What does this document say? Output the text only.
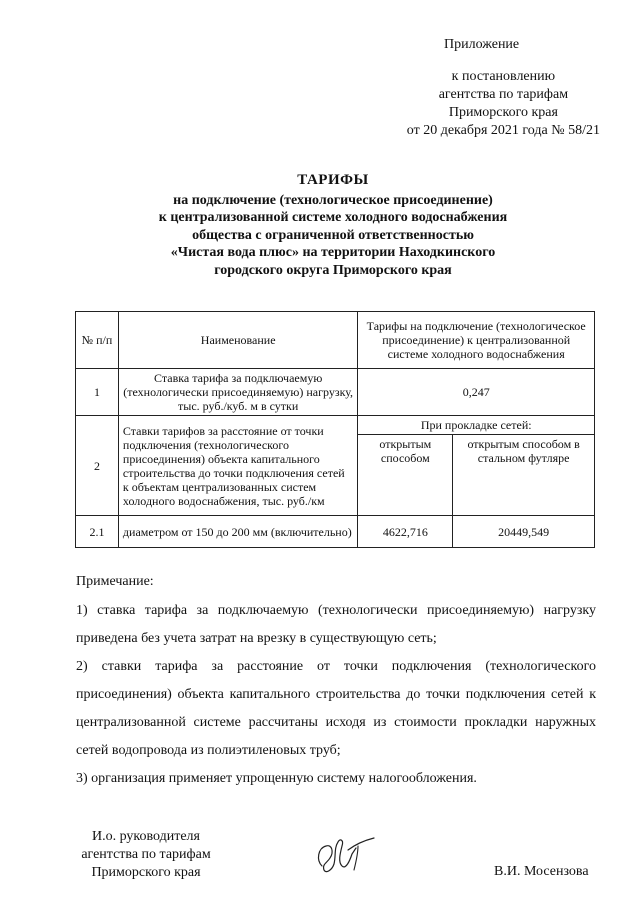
Приложение
к постановлению
агентства по тарифам
Приморского края
от 20 декабря 2021 года № 58/21
ТАРИФЫ
на подключение (технологическое присоединение)
к централизованной системе холодного водоснабжения
общества с ограниченной ответственностью
«Чистая вода плюс» на территории Находкинского
городского округа Приморского края
№ п/п	Наименование	Тарифы на подключение (технологическое присоединение) к централизованной системе холодного водоснабжения	
1	Ставка тарифа за подключаемую (технологически присоединяемую) нагрузку, тыс. руб./куб. м в сутки	0,247	
2	Ставки тарифов за расстояние от точки подключения (технологического присоединения) объекта капитального строительства до точки подключения сетей к объектам централизованных систем холодного водоснабжения, тыс. руб./км	При прокладке сетей:	
		открытым способом	открытым способом в стальном футляре
2.1	диаметром от 150 до 200 мм (включительно)	4622,716	20449,549

Примечание:

1) ставка тарифа за подключаемую (технологически присоединяемую) нагрузку приведена без учета затрат на врезку в существующую сеть;

2) ставки тарифа за расстояние от точки подключения (технологического присоединения) объекта капитального строительства до точки подключения сетей к централизованной системе рассчитаны исходя из стоимости прокладки наружных сетей водопровода из полиэтиленовых труб;

3) организация применяет упрощенную систему налогообложения.

И.о. руководителя
агентства по тарифам
Приморского края	В.И. Мосензова
